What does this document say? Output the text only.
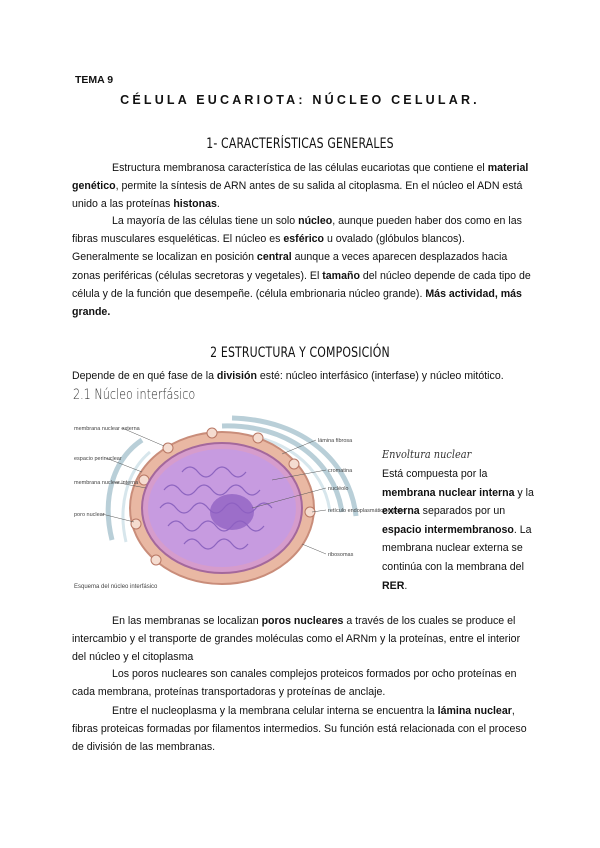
TEMA 9
CÉLULA EUCARIOTA: NÚCLEO CELULAR.
1- CARACTERÍSTICAS GENERALES
Estructura membranosa característica de las células eucariotas que contiene el material genético, permite la síntesis de ARN antes de su salida al citoplasma. En el núcleo el ADN está unido a las proteínas histonas.
La mayoría de las células tiene un solo núcleo, aunque pueden haber dos como en las fibras musculares esqueléticas. El núcleo es esférico u ovalado (glóbulos blancos). Generalmente se localizan en posición central aunque a veces aparecen desplazados hacia zonas periféricas (células secretoras y vegetales). El tamaño del núcleo depende de cada tipo de célula y de la función que desempeñe. (célula embrionaria núcleo grande). Más actividad, más grande.
2 ESTRUCTURA Y COMPOSICIÓN
Depende de en qué fase de la división esté: núcleo interfásico (interfase) y núcleo mitótico.
2.1 Núcleo interfásico
membrana nuclear externa
espacio perinuclear
membrana nuclear interna
poro nuclear
lámina fibrosa
cromatina
nucléolo
retículo endoplasmático rugoso
ribosomas
Esquema del núcleo interfásico
Envoltura nuclear
Está compuesta por la membrana nuclear interna y la externa separados por un espacio intermembranoso. La membrana nuclear externa se continúa con la membrana del RER.
En las membranas se localizan poros nucleares a través de los cuales se produce el intercambio y el transporte de grandes moléculas como el ARNm y la proteínas, entre el interior del núcleo y el citoplasma
Los poros nucleares son canales complejos proteicos formados por ocho proteínas en cada membrana, proteínas transportadoras y proteínas de anclaje.
Entre el nucleoplasma y la membrana celular interna se encuentra la lámina nuclear, fibras proteicas formadas por filamentos intermedios. Su función está relacionada con el proceso de división de las membranas.
